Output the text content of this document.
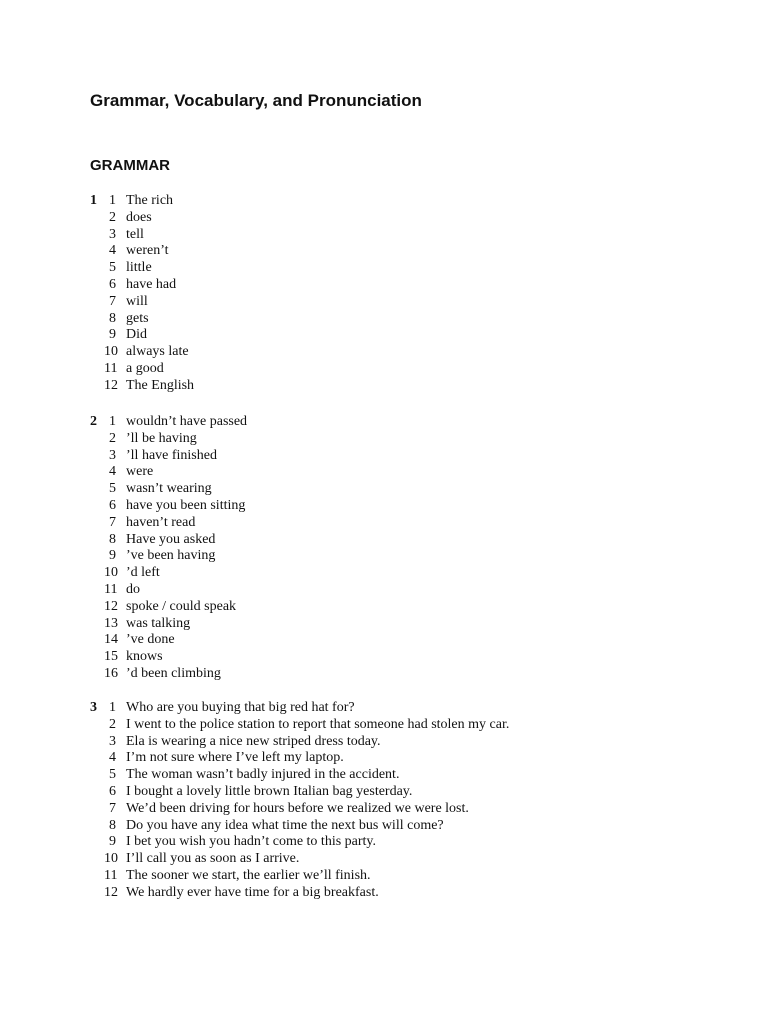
Grammar, Vocabulary, and Pronunciation
GRAMMAR
1 1 The rich
2 does
3 tell
4 weren’t
5 little
6 have had
7 will
8 gets
9 Did
10 always late
11 a good
12 The English
2 1 wouldn’t have passed
2 ’ll be having
3 ’ll have finished
4 were
5 wasn’t wearing
6 have you been sitting
7 haven’t read
8 Have you asked
9 ’ve been having
10 ’d left
11 do
12 spoke / could speak
13 was talking
14 ’ve done
15 knows
16 ’d been climbing
3 1 Who are you buying that big red hat for?
2 I went to the police station to report that someone had stolen my car.
3 Ela is wearing a nice new striped dress today.
4 I’m not sure where I’ve left my laptop.
5 The woman wasn’t badly injured in the accident.
6 I bought a lovely little brown Italian bag yesterday.
7 We’d been driving for hours before we realized we were lost.
8 Do you have any idea what time the next bus will come?
9 I bet you wish you hadn’t come to this party.
10 I’ll call you as soon as I arrive.
11 The sooner we start, the earlier we’ll finish.
12 We hardly ever have time for a big breakfast.
